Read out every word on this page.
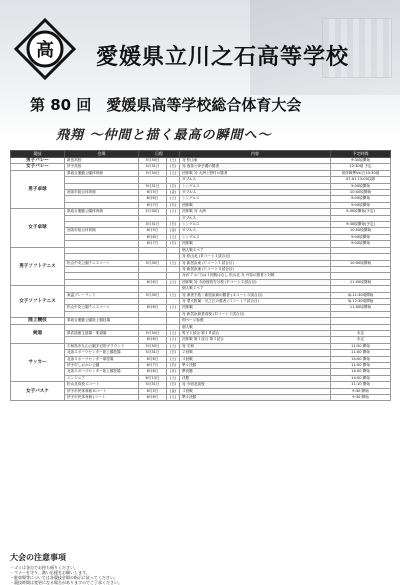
高 愛媛県立川之石高等学校
第 80 回　愛媛県高等学校総合体育大会
飛翔 〜仲間と描く最高の瞬間へ〜
競技	会場	日程		内容	予定時間
男子バレー	新田高校	5月30日	(土)	対 松山東	9:30頃開始
女子バレー	伊予高校	5月31日	(日)	対 西条と伊予農の勝者	12:30頃 予定
男子卓球	県総合運動公園体育館	5月30日	(土)	団体戦 対 大洲と野村の勝者	団体戦準Vs(日10:30頃
				ダブルス	47 A1 13:00以降
		5月31日	(日)	シングルス	9:00頃開始
	西条市総合体育館	6月5日	(金)	ダブルス	10:00頃開始
		6月6日	(土)	シングルス	9:00頃開始
		6月7日	(日)	団体戦	9:00頃開始
女子卓球	県総合運動公園体育館	5月30日	(土)	団体戦 対 大洲	9:30頃開始(予定)
				ダブルス	
		5月31日	(日)	シングルス	9:30頃開始(予定)
	西条市総合体育館	6月5日	(金)	ダブルス	10:00頃開始
		6月6日	(土)	シングルス	9:00頃開始
		6月7日	(日)	団体戦	9:00頃開始
男子ソフトテニス				個人戦４ペア	
				対 松山北 (Ｄコート１試合目)	
	松山中央公園テニスコート	5月30日	(土)	対 新居浜東 (Ｃコート１試合目)	10:00頃開始
				対 新居浜東 (Ｃコート５試合目)	
				対(ﾀﾞﾌﾞﾙﾍﾟｱ)は１回戦はなし 松山北 対 丹原の勝者と対戦	
		6月6日	(土)	団体戦 対 今治西伯方分校 (Ｅコート２試合目)	11:00頃開始
女子ソフトテニス				個人戦２ペア	
	東温ブレーランド	5月30日	(土)	対 津美千島・新居浜商の勝者 (４コート５試合目)	4J-11:30頃開始
				対 愛大附属・川之江の勝者 (３コート７試合目)	3J-12:30頃開始
	松山中央公園テニスコート	6月6日	(土)	団体戦	11:00頃開始
				対 新居浜商業高校 (Ｄコート２試合目)	
陸上競技	県総合運動公園陸上競技場			別ページ参照	
剣道				個人戦	
	県武道館主道場・柔道場	5月30日	(土)	男子１試合 第１８試合	未定
		6月6日	(土)	団体戦 第１試合 第３試合	未定
サッカー	宇和島市丸山公園多目的グラウンド	5月30日	(土)	対 宇和	11:00 開始
	北条スポーツセンター陸上競技場	5月31日	(日)	２回戦	11:00 開始
	北条スポーツセンター球技場	6月6日	(土)	３回戦	14:00 開始
	伊予市しおかい公園	6月7日	(日)	準々決勝	11:00 開始
	北条スポーツセンター陸上競技場	6月8日	(月)	準決勝	14:00 開始
	ニンジニア	6月13日	(土)	決勝	14:00 開始
女子バスケ	松山北高校 Cコート	5月31日	(日)	対 今治北高校	11:10 開始
	伊予市民体育館 Kコート	6月5日	(金)	３回戦	9:30 開始
	伊予市民体育館 Jコート	6月6日	(土)	準々決勝	9:30 開始
大会の注意事項
・ ゴミは各自でお持ち帰りください。
・ マナーを守り、熱い応援をお願いします。
・ 駐車場等については各競技会場の指示に従ってください。
・ 競技時間は変更になる場合がありますのでご了承ください。
